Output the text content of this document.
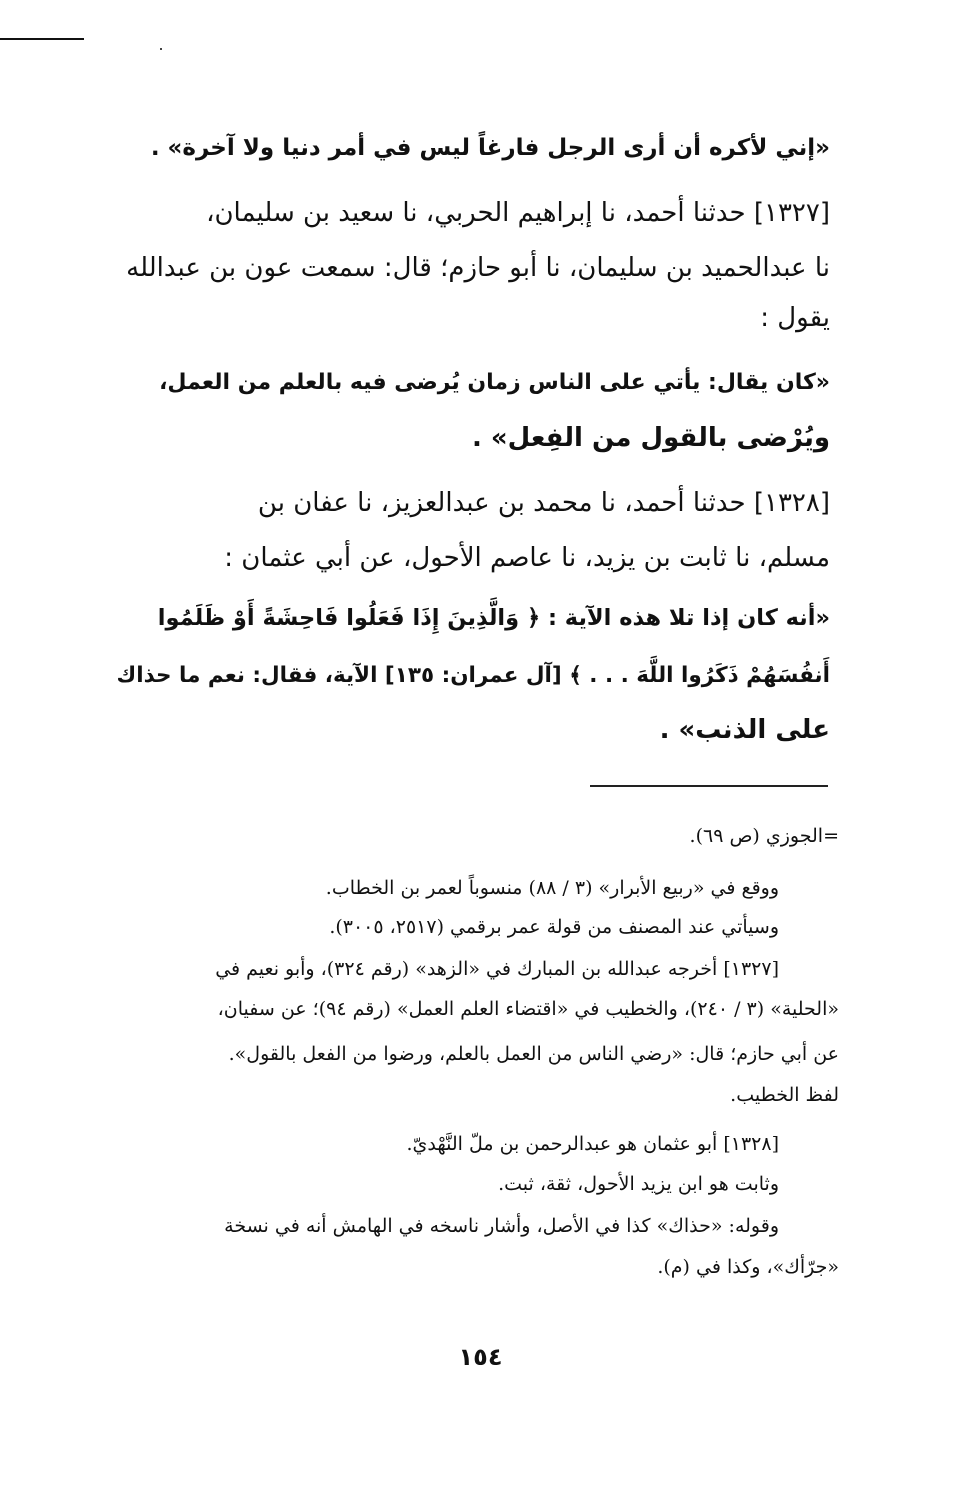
«إني لأكره أن أرى الرجل فارغاً ليس في أمر دنيا ولا آخرة» .
[١٣٢٧] حدثنا أحمد، نا إبراهيم الحربي، نا سعيد بن سليمان،
نا عبدالحميد بن سليمان، نا أبو حازم؛ قال: سمعت عون بن عبدالله
يقول :
«كان يقال: يأتي على الناس زمان يُرضى فيه بالعلم من العمل،
ويُرْضى بالقول من الفِعل» .
[١٣٢٨] حدثنا أحمد، نا محمد بن عبدالعزيز، نا عفان بن
مسلم، نا ثابت بن يزيد، نا عاصم الأحول، عن أبي عثمان :
«أنه كان إذا تلا هذه الآية : ﴿ وَالَّذِينَ إِذَا فَعَلُوا فَاحِشَةً أَوْ ظَلَمُوا
أَنفُسَهُمْ ذَكَرُوا اللَّهَ . . . ﴾ [آل عمران: ١٣٥] الآية، فقال: نعم ما حذاك
على الذنب» .
=الجوزي (ص ٦٩).
ووقع في «ربيع الأبرار» (٣ / ٨٨) منسوباً لعمر بن الخطاب.
وسيأتي عند المصنف من قولة عمر برقمي (٢٥١٧، ٣٠٠٥).
[١٣٢٧] أخرجه عبدالله بن المبارك في «الزهد» (رقم ٣٢٤)، وأبو نعيم في
«الحلية» (٣ / ٢٤٠)، والخطيب في «اقتضاء العلم العمل» (رقم ٩٤)؛ عن سفيان،
عن أبي حازم؛ قال: «رضي الناس من العمل بالعلم، ورضوا من الفعل بالقول».
لفظ الخطيب.
[١٣٢٨] أبو عثمان هو عبدالرحمن بن ملّ النَّهْديّ.
وثابت هو ابن يزيد الأحول، ثقة، ثبت.
وقوله: «حذاك» كذا في الأصل، وأشار ناسخه في الهامش أنه في نسخة
«جرّأك»، وكذا في (م).
١٥٤
